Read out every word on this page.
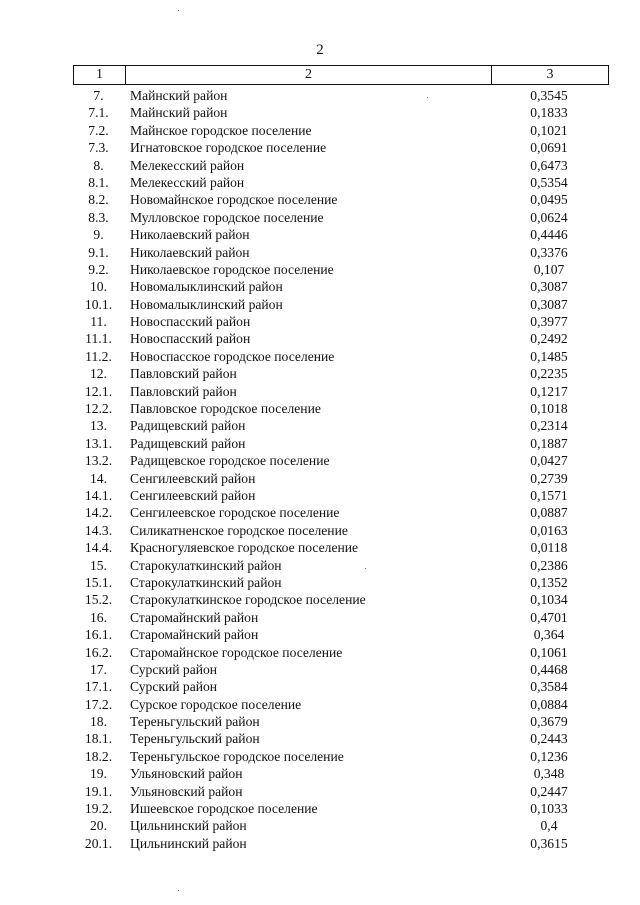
2
1	2	3
7.	Майнский район	0,3545
7.1.	Майнский район	0,1833
7.2.	Майнское городское поселение	0,1021
7.3.	Игнатовское городское поселение	0,0691
8.	Мелекесский район	0,6473
8.1.	Мелекесский район	0,5354
8.2.	Новомайнское городское поселение	0,0495
8.3.	Мулловское городское поселение	0,0624
9.	Николаевский район	0,4446
9.1.	Николаевский район	0,3376
9.2.	Николаевское городское поселение	0,107
10.	Новомалыклинский район	0,3087
10.1.	Новомалыклинский район	0,3087
11.	Новоспасский район	0,3977
11.1.	Новоспасский район	0,2492
11.2.	Новоспасское городское поселение	0,1485
12.	Павловский район	0,2235
12.1.	Павловский район	0,1217
12.2.	Павловское городское поселение	0,1018
13.	Радищевский район	0,2314
13.1.	Радищевский район	0,1887
13.2.	Радищевское городское поселение	0,0427
14.	Сенгилеевский район	0,2739
14.1.	Сенгилеевский район	0,1571
14.2.	Сенгилеевское городское поселение	0,0887
14.3.	Силикатненское городское поселение	0,0163
14.4.	Красногуляевское городское поселение	0,0118
15.	Старокулаткинский район	0,2386
15.1.	Старокулаткинский район	0,1352
15.2.	Старокулаткинское городское поселение	0,1034
16.	Старомайнский район	0,4701
16.1.	Старомайнский район	0,364
16.2.	Старомайнское городское поселение	0,1061
17.	Сурский район	0,4468
17.1.	Сурский район	0,3584
17.2.	Сурское городское поселение	0,0884
18.	Тереньгульский район	0,3679
18.1.	Тереньгульский район	0,2443
18.2.	Тереньгульское городское поселение	0,1236
19.	Ульяновский район	0,348
19.1.	Ульяновский район	0,2447
19.2.	Ишеевское городское поселение	0,1033
20.	Цильнинский район	0,4
20.1.	Цильнинский район	0,3615
